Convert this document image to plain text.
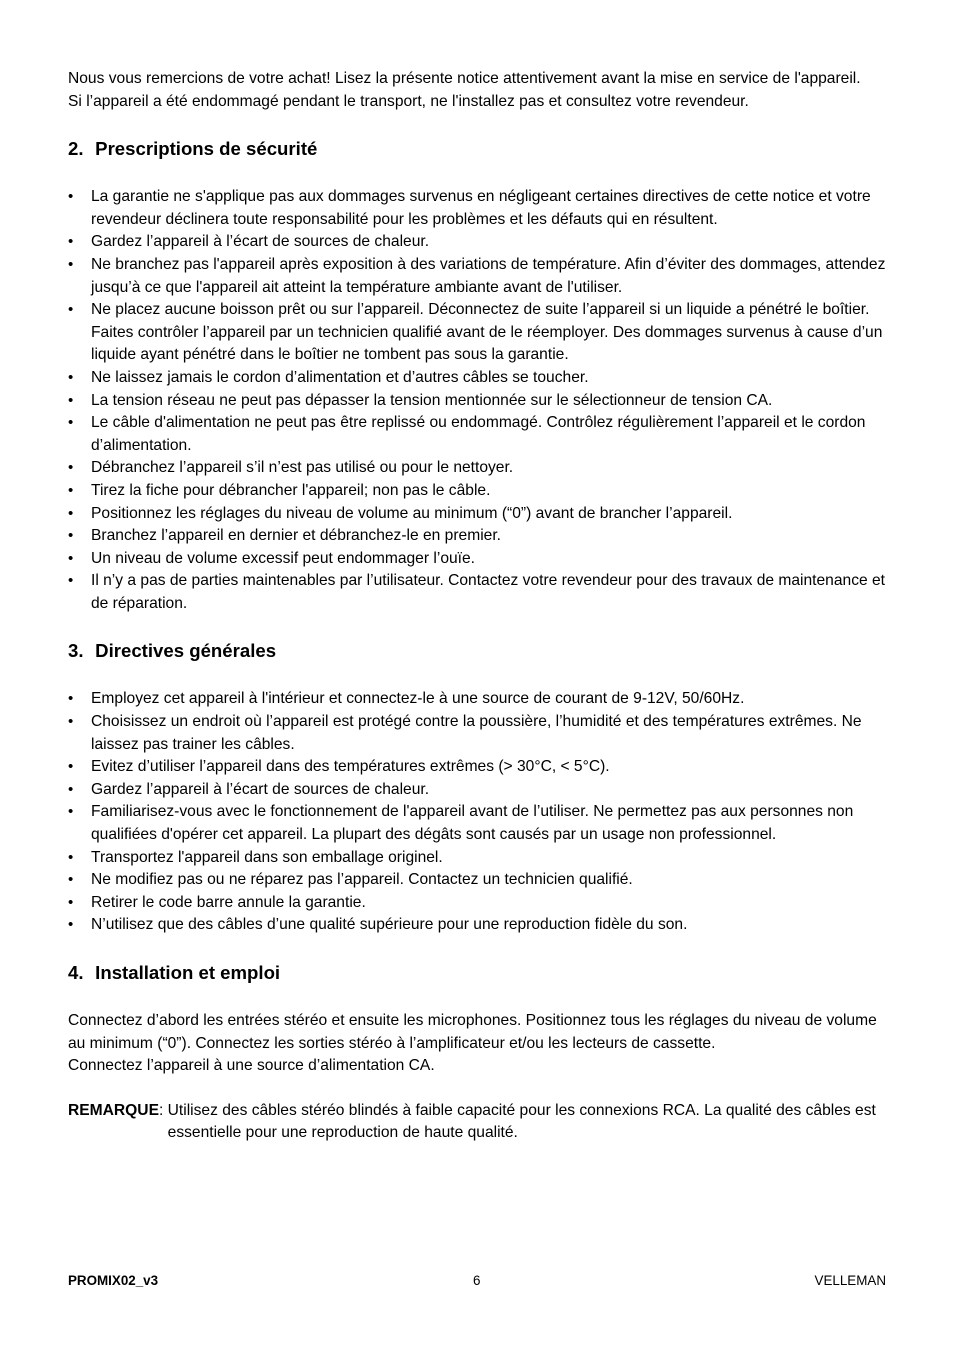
Nous vous remercions de votre achat! Lisez la présente notice attentivement avant la mise en service de l'appareil.

Si l’appareil a été endommagé pendant le transport, ne l'installez pas et consultez votre revendeur.

2. Prescriptions de sécurité
• La garantie ne s'applique pas aux dommages survenus en négligeant certaines directives de cette notice et votre revendeur déclinera toute responsabilité pour les problèmes et les défauts qui en résultent.
• Gardez l’appareil à l’écart de sources de chaleur.
• Ne branchez pas l'appareil après exposition à des variations de température. Afin d’éviter des dommages, attendez jusqu’à ce que l'appareil ait atteint la température ambiante avant de l'utiliser.
• Ne placez aucune boisson prêt ou sur l’appareil. Déconnectez de suite l’appareil si un liquide a pénétré le boîtier. Faites contrôler l’appareil par un technicien qualifié avant de le réemployer. Des dommages survenus à cause d’un liquide ayant pénétré dans le boîtier ne tombent pas sous la garantie.
• Ne laissez jamais le cordon d’alimentation et d’autres câbles se toucher.
• La tension réseau ne peut pas dépasser la tension mentionnée sur le sélectionneur de tension CA.
• Le câble d'alimentation ne peut pas être replissé ou endommagé. Contrôlez régulièrement l’appareil et le cordon d’alimentation.
• Débranchez l’appareil s’il n’est pas utilisé ou pour le nettoyer.
• Tirez la fiche pour débrancher l'appareil; non pas le câble.
• Positionnez les réglages du niveau de volume au minimum (“0”) avant de brancher l’appareil.
• Branchez l’appareil en dernier et débranchez-le en premier.
• Un niveau de volume excessif peut endommager l’ouïe.
• Il n’y a pas de parties maintenables par l’utilisateur. Contactez votre revendeur pour des travaux de maintenance et de réparation.
3. Directives générales
• Employez cet appareil à l'intérieur et connectez-le à une source de courant de 9-12V, 50/60Hz.
• Choisissez un endroit où l’appareil est protégé contre la poussière, l’humidité et des températures extrêmes. Ne laissez pas trainer les câbles.
• Evitez d’utiliser l’appareil dans des températures extrêmes (> 30°C, < 5°C).
• Gardez l’appareil à l’écart de sources de chaleur.
• Familiarisez-vous avec le fonctionnement de l'appareil avant de l’utiliser. Ne permettez pas aux personnes non qualifiées d'opérer cet appareil. La plupart des dégâts sont causés par un usage non professionnel.
• Transportez l'appareil dans son emballage originel.
• Ne modifiez pas ou ne réparez pas l’appareil. Contactez un technicien qualifié.
• Retirer le code barre annule la garantie.
• N’utilisez que des câbles d’une qualité supérieure pour une reproduction fidèle du son.
4. Installation et emploi

Connectez d’abord les entrées stéréo et ensuite les microphones. Positionnez tous les réglages du niveau de volume au minimum (“0”). Connectez les sorties stéréo à l’amplificateur et/ou les lecteurs de cassette.

Connectez l’appareil à une source d’alimentation CA.

REMARQUE : Utilisez des câbles stéréo blindés à faible capacité pour les connexions RCA. La qualité des câbles est essentielle pour une reproduction de haute qualité.
PROMIX02_v3	6	VELLEMAN
